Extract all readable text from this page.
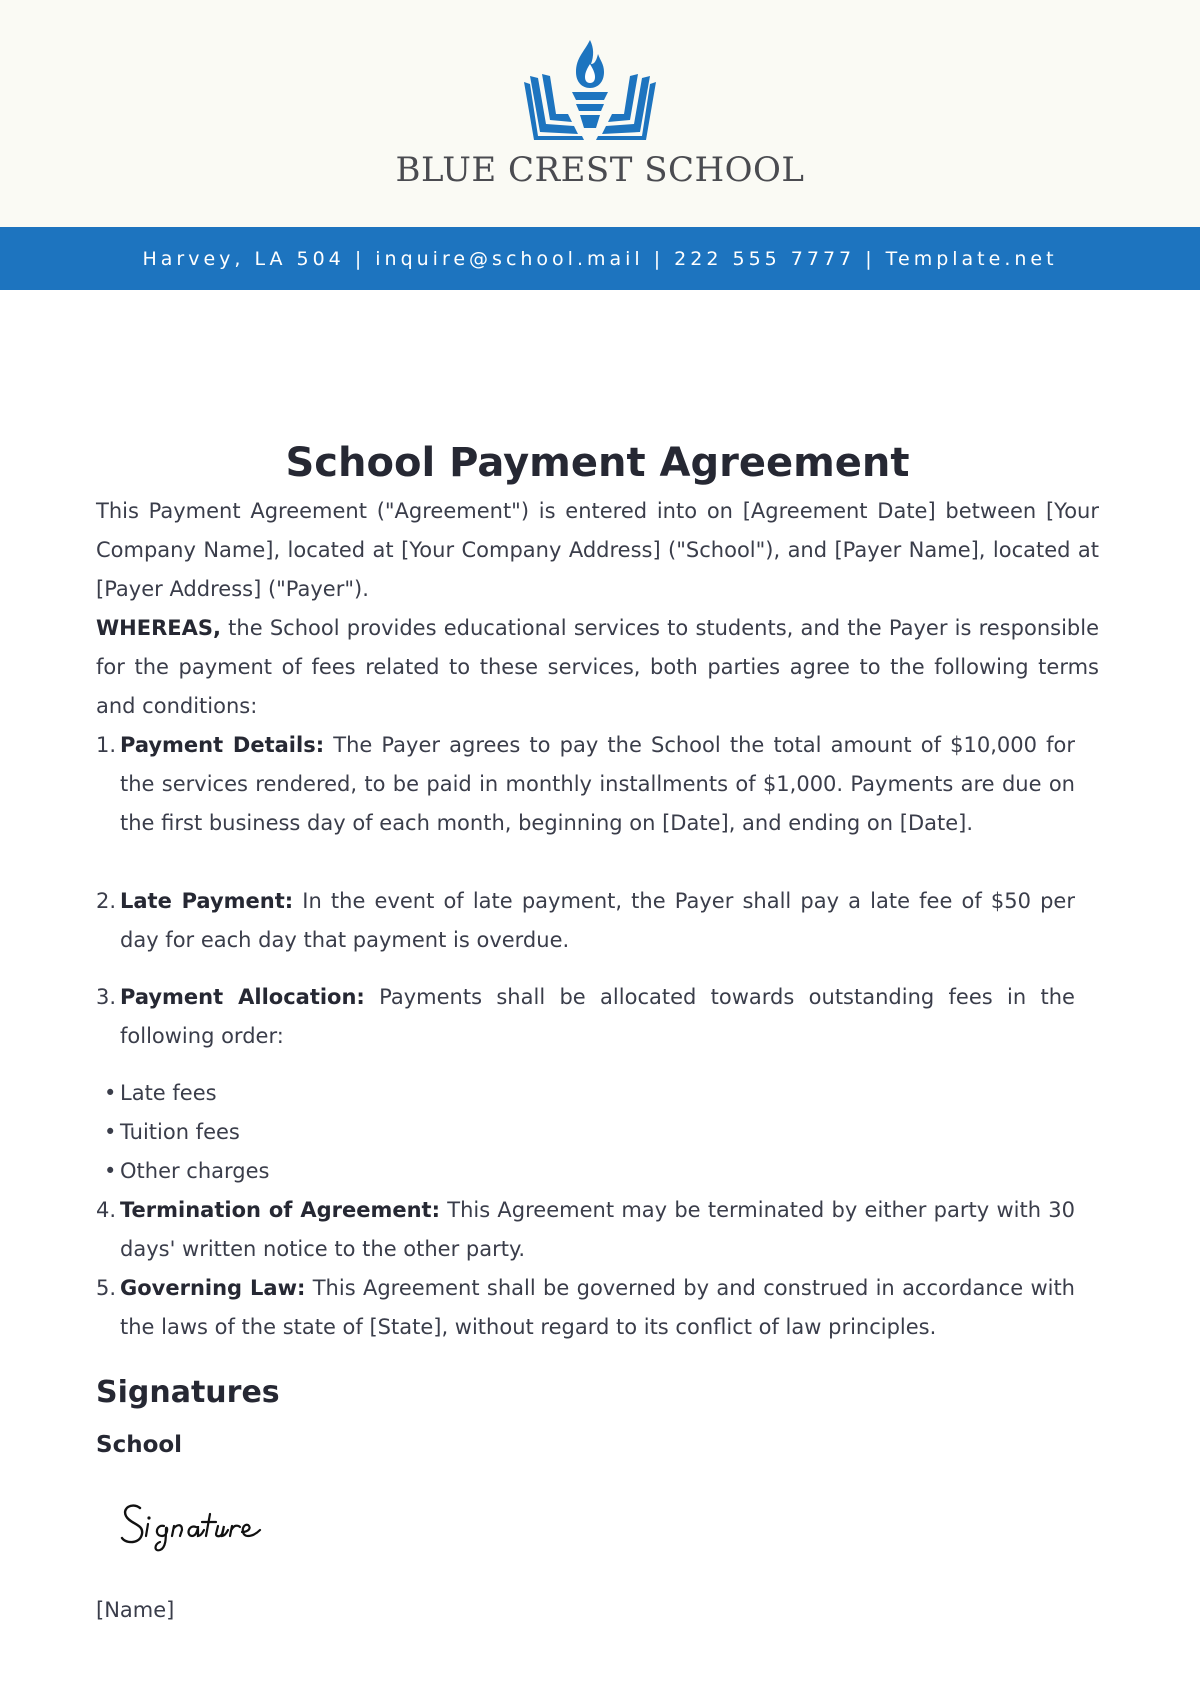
BLUE CREST SCHOOL
Harvey, LA 504 | inquire@school.mail | 222 555 7777 | Template.net
School Payment Agreement

This Payment Agreement ("Agreement") is entered into on [Agreement Date] between [Your Company Name], located at [Your Company Address] ("School"), and [Payer Name], located at [Payer Address] ("Payer").

WHEREAS, the School provides educational services to students, and the Payer is responsible for the payment of fees related to these services, both parties agree to the following terms and conditions:

1. Payment Details: The Payer agrees to pay the School the total amount of $10,000 for the services rendered, to be paid in monthly installments of $1,000. Payments are due on the first business day of each month, beginning on [Date], and ending on [Date].
2. Late Payment: In the event of late payment, the Payer shall pay a late fee of $50 per day for each day that payment is overdue.
3. Payment Allocation: Payments shall be allocated towards outstanding fees in the following order:
• Late fees
• Tuition fees
• Other charges
4. Termination of Agreement: This Agreement may be terminated by either party with 30 days' written notice to the other party.
5. Governing Law: This Agreement shall be governed by and construed in accordance with the laws of the state of [State], without regard to its conflict of law principles.
Signatures
School
[Name]
